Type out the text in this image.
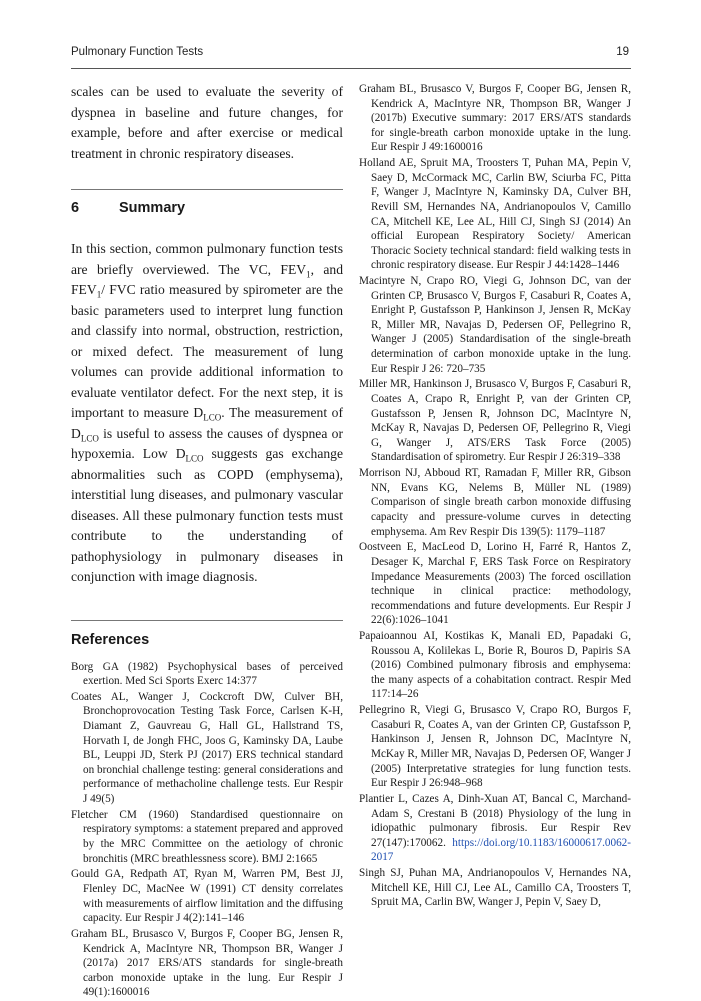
Pulmonary Function Tests	19

scales can be used to evaluate the severity of dyspnea in baseline and future changes, for example, before and after exercise or medical treatment in chronic respiratory diseases.

6	Summary

In this section, common pulmonary function tests are briefly overviewed. The VC, $FEV_1$, and $FEV_1/$ FVC ratio measured by spirometer are the basic parameters used to interpret lung function and classify into normal, obstruction, restriction, or mixed defect. The measurement of lung volumes can provide additional information to evaluate ventilator defect. For the next step, it is important to measure $D_{LCO}$. The measurement of $D_{LCO}$ is useful to assess the causes of dyspnea or hypoxemia. Low $D_{LCO}$ suggests gas exchange abnormalities such as COPD (emphysema), interstitial lung diseases, and pulmonary vascular diseases. All these pulmonary function tests must contribute to the understanding of pathophysiology in pulmonary diseases in conjunction with image diagnosis.

References
Borg GA (1982) Psychophysical bases of perceived exertion. Med Sci Sports Exerc 14:377
Coates AL, Wanger J, Cockcroft DW, Culver BH, Bronchoprovocation Testing Task Force, Carlsen K-H, Diamant Z, Gauvreau G, Hall GL, Hallstrand TS, Horvath I, de Jongh FHC, Joos G, Kaminsky DA, Laube BL, Leuppi JD, Sterk PJ (2017) ERS technical standard on bronchial challenge testing: general considerations and performance of methacholine challenge tests. Eur Respir J 49(5)
Fletcher CM (1960) Standardised questionnaire on respiratory symptoms: a statement prepared and approved by the MRC Committee on the aetiology of chronic bronchitis (MRC breathlessness score). BMJ 2:1665
Gould GA, Redpath AT, Ryan M, Warren PM, Best JJ, Flenley DC, MacNee W (1991) CT density correlates with measurements of airflow limitation and the diffusing capacity. Eur Respir J 4(2):141–146
Graham BL, Brusasco V, Burgos F, Cooper BG, Jensen R, Kendrick A, MacIntyre NR, Thompson BR, Wanger J (2017a) 2017 ERS/ATS standards for single-breath carbon monoxide uptake in the lung. Eur Respir J 49(1):1600016
Graham BL, Brusasco V, Burgos F, Cooper BG, Jensen R, Kendrick A, MacIntyre NR, Thompson BR, Wanger J (2017b) Executive summary: 2017 ERS/ATS standards for single-breath carbon monoxide uptake in the lung. Eur Respir J 49:1600016
Holland AE, Spruit MA, Troosters T, Puhan MA, Pepin V, Saey D, McCormack MC, Carlin BW, Sciurba FC, Pitta F, Wanger J, MacIntyre N, Kaminsky DA, Culver BH, Revill SM, Hernandes NA, Andrianopoulos V, Camillo CA, Mitchell KE, Lee AL, Hill CJ, Singh SJ (2014) An official European Respiratory Society/ American Thoracic Society technical standard: field walking tests in chronic respiratory disease. Eur Respir J 44:1428–1446
Macintyre N, Crapo RO, Viegi G, Johnson DC, van der Grinten CP, Brusasco V, Burgos F, Casaburi R, Coates A, Enright P, Gustafsson P, Hankinson J, Jensen R, McKay R, Miller MR, Navajas D, Pedersen OF, Pellegrino R, Wanger J (2005) Standardisation of the single-breath determination of carbon monoxide uptake in the lung. Eur Respir J 26: 720–735
Miller MR, Hankinson J, Brusasco V, Burgos F, Casaburi R, Coates A, Crapo R, Enright P, van der Grinten CP, Gustafsson P, Jensen R, Johnson DC, MacIntyre N, McKay R, Navajas D, Pedersen OF, Pellegrino R, Viegi G, Wanger J, ATS/ERS Task Force (2005) Standardisation of spirometry. Eur Respir J 26:319–338
Morrison NJ, Abboud RT, Ramadan F, Miller RR, Gibson NN, Evans KG, Nelems B, Müller NL (1989) Comparison of single breath carbon monoxide diffusing capacity and pressure-volume curves in detecting emphysema. Am Rev Respir Dis 139(5): 1179–1187
Oostveen E, MacLeod D, Lorino H, Farré R, Hantos Z, Desager K, Marchal F, ERS Task Force on Respiratory Impedance Measurements (2003) The forced oscillation technique in clinical practice: methodology, recommendations and future developments. Eur Respir J 22(6):1026–1041
Papaioannou AI, Kostikas K, Manali ED, Papadaki G, Roussou A, Kolilekas L, Borie R, Bouros D, Papiris SA (2016) Combined pulmonary fibrosis and emphysema: the many aspects of a cohabitation contract. Respir Med 117:14–26
Pellegrino R, Viegi G, Brusasco V, Crapo RO, Burgos F, Casaburi R, Coates A, van der Grinten CP, Gustafsson P, Hankinson J, Jensen R, Johnson DC, MacIntyre N, McKay R, Miller MR, Navajas D, Pedersen OF, Wanger J (2005) Interpretative strategies for lung function tests. Eur Respir J 26:948–968
Plantier L, Cazes A, Dinh-Xuan AT, Bancal C, Marchand-Adam S, Crestani B (2018) Physiology of the lung in idiopathic pulmonary fibrosis. Eur Respir Rev 27(147):170062. https://doi.org/10.1183/16000617.0062-2017
Singh SJ, Puhan MA, Andrianopoulos V, Hernandes NA, Mitchell KE, Hill CJ, Lee AL, Camillo CA, Troosters T, Spruit MA, Carlin BW, Wanger J, Pepin V, Saey D,
